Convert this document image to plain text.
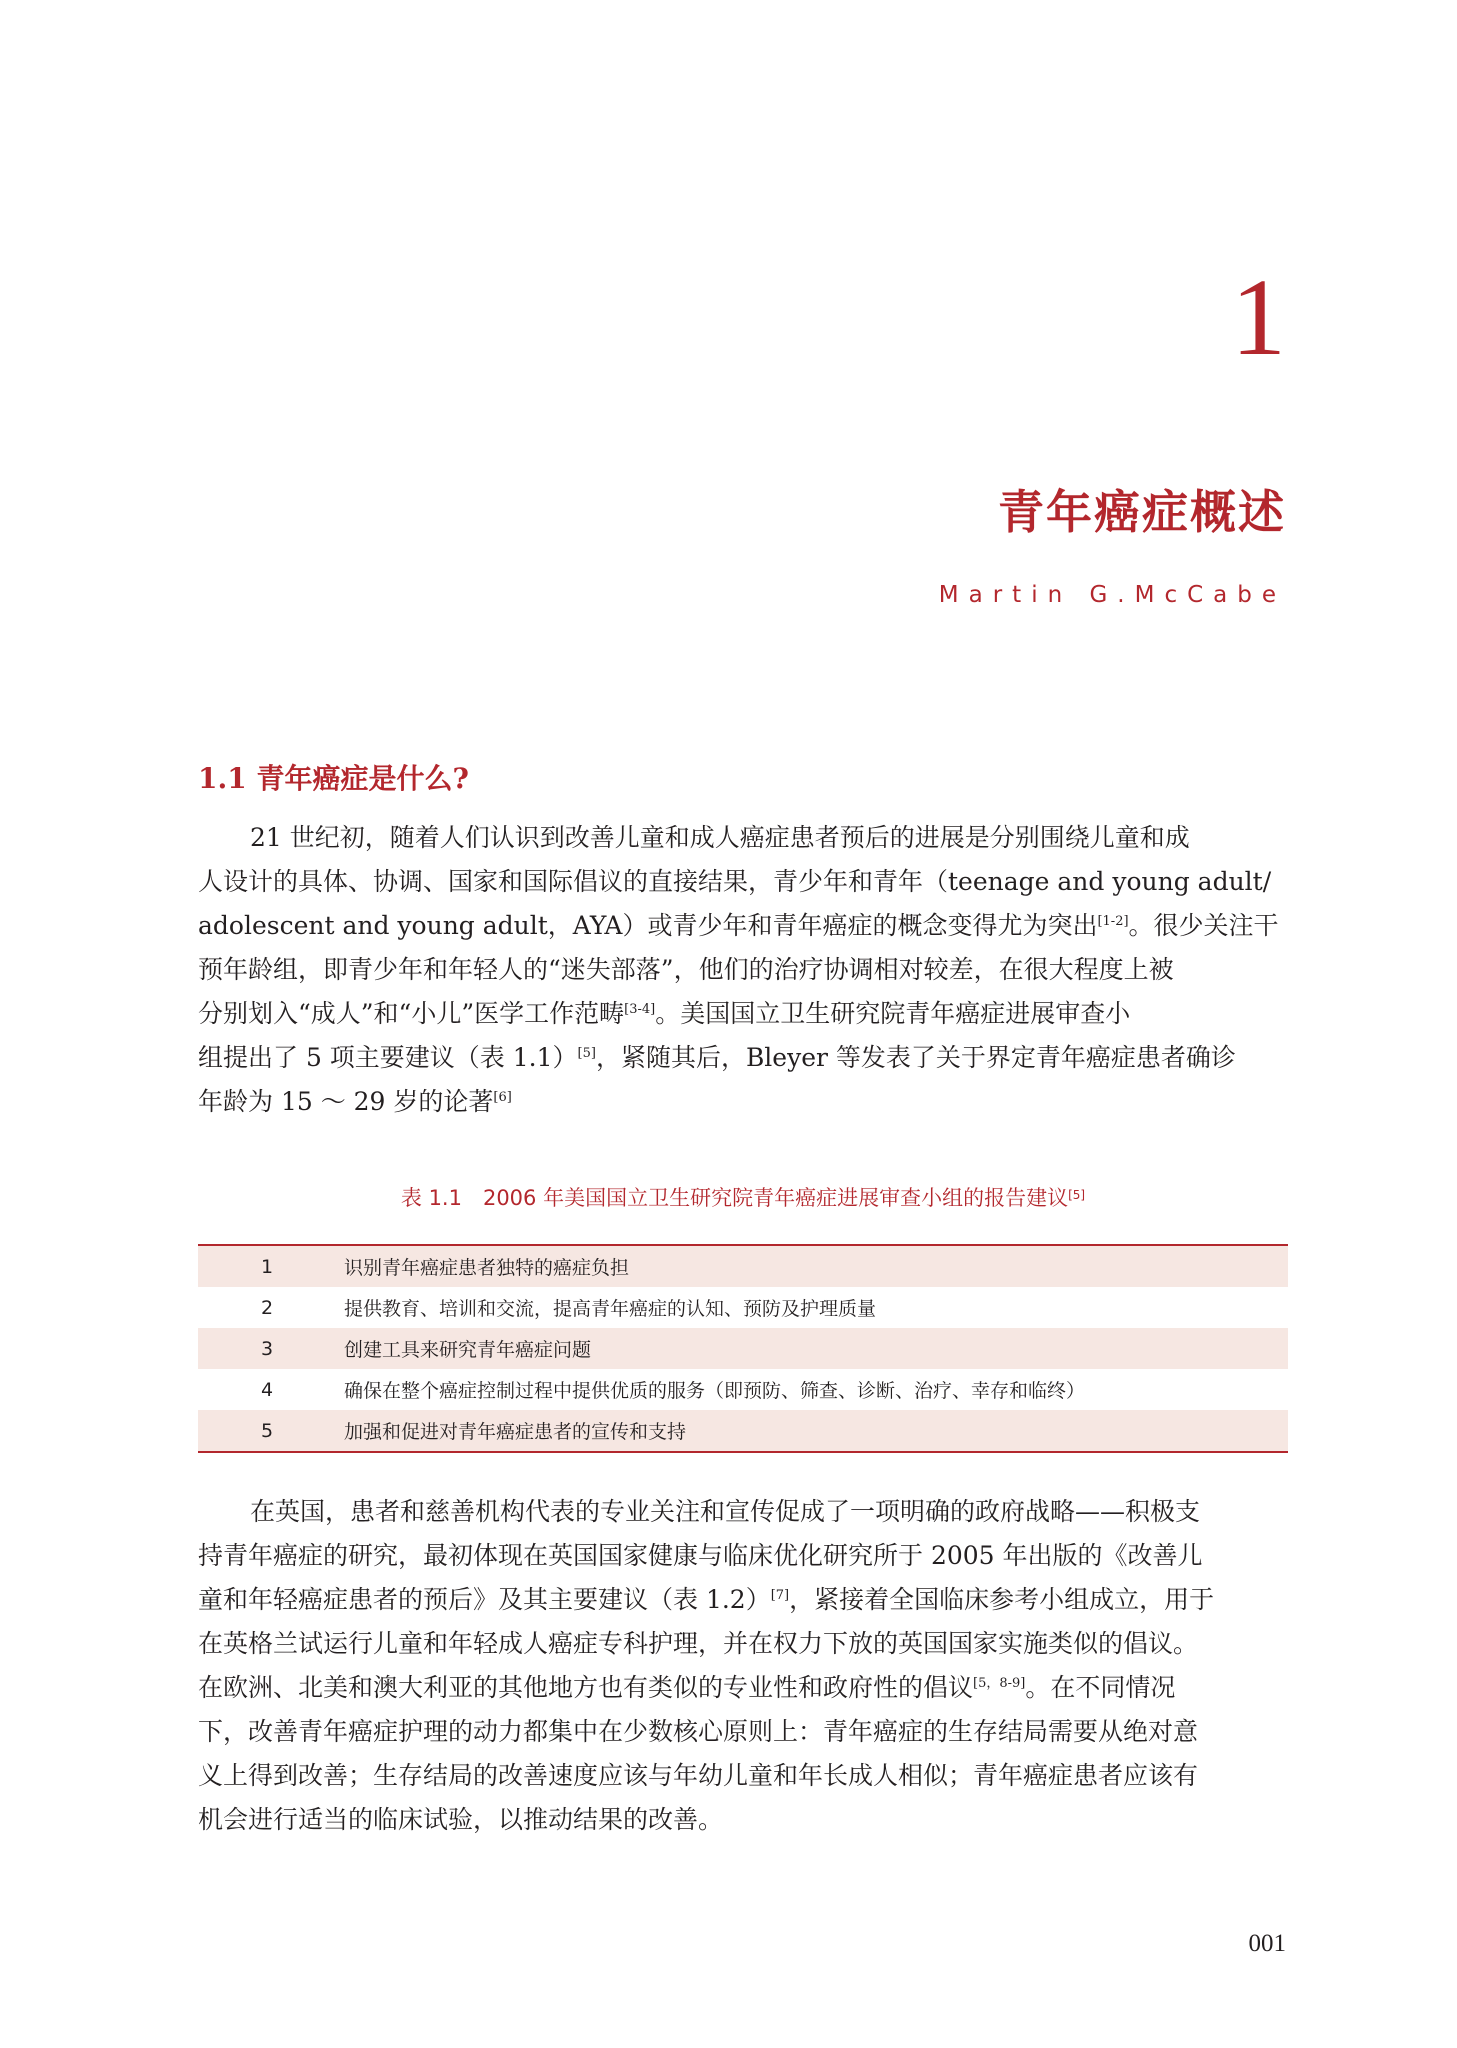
1
青年癌症概述
Martin G.McCabe
1.1 青年癌症是什么?

21 世纪初，随着人们认识到改善儿童和成人癌症患者预后的进展是分别围绕儿童和成
人设计的具体、协调、国家和国际倡议的直接结果，青少年和青年（teenage and young adult/
adolescent and young adult，AYA）或青少年和青年癌症的概念变得尤为突出[1-2]。很少关注干
预年龄组，即青少年和年轻人的“迷失部落”，他们的治疗协调相对较差，在很大程度上被
分别划入“成人”和“小儿”医学工作范畴[3-4]。美国国立卫生研究院青年癌症进展审查小
组提出了 5 项主要建议（表 1.1）[5]，紧随其后，Bleyer 等发表了关于界定青年癌症患者确诊
年龄为 15 ～ 29 岁的论著[6]

表 1.1　2006 年美国国立卫生研究院青年癌症进展审查小组的报告建议[5]
1	识别青年癌症患者独特的癌症负担
2	提供教育、培训和交流，提高青年癌症的认知、预防及护理质量
3	创建工具来研究青年癌症问题
4	确保在整个癌症控制过程中提供优质的服务（即预防、筛查、诊断、治疗、幸存和临终）
5	加强和促进对青年癌症患者的宣传和支持

在英国，患者和慈善机构代表的专业关注和宣传促成了一项明确的政府战略——积极支
持青年癌症的研究，最初体现在英国国家健康与临床优化研究所于 2005 年出版的《改善儿
童和年轻癌症患者的预后》及其主要建议（表 1.2）[7]，紧接着全国临床参考小组成立，用于
在英格兰试运行儿童和年轻成人癌症专科护理，并在权力下放的英国国家实施类似的倡议。
在欧洲、北美和澳大利亚的其他地方也有类似的专业性和政府性的倡议[5，8-9]。在不同情况
下，改善青年癌症护理的动力都集中在少数核心原则上：青年癌症的生存结局需要从绝对意
义上得到改善；生存结局的改善速度应该与年幼儿童和年长成人相似；青年癌症患者应该有
机会进行适当的临床试验，以推动结果的改善。

001
